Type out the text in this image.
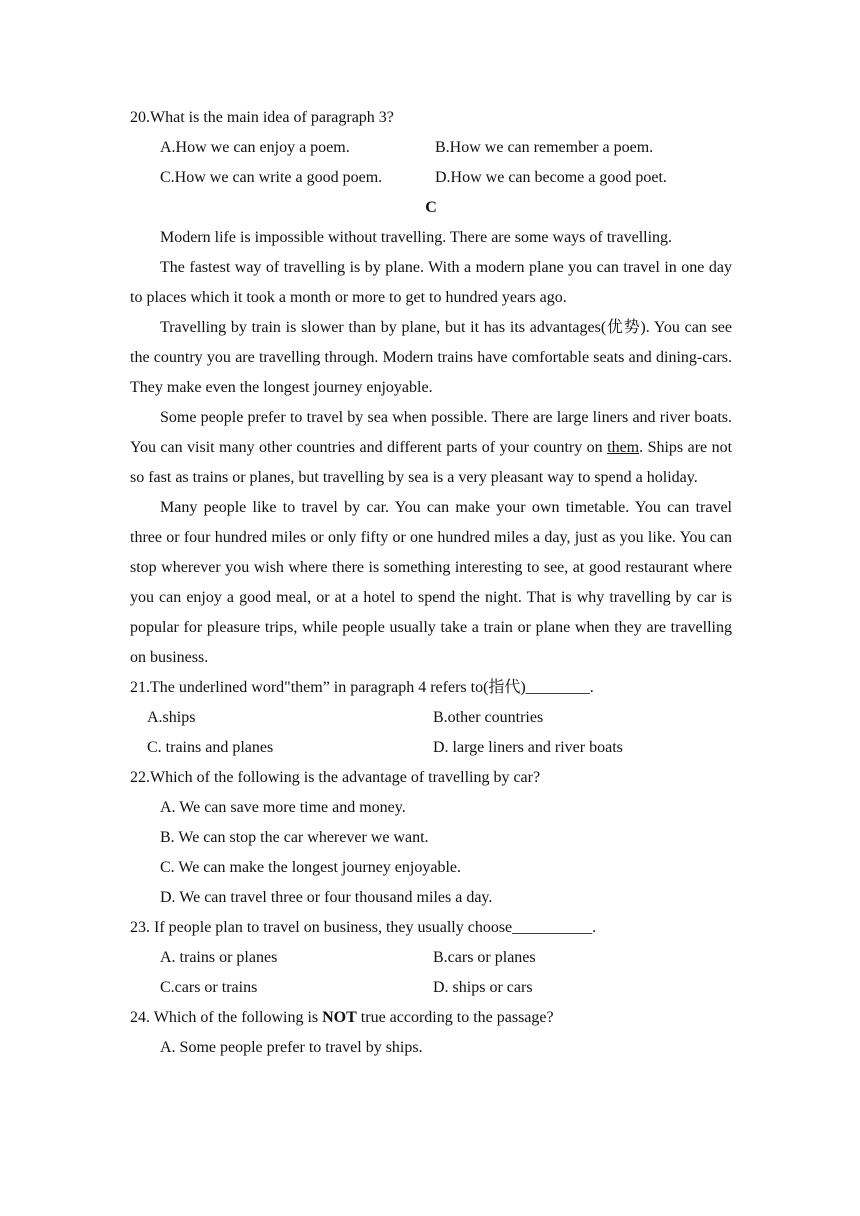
20.What is the main idea of paragraph 3?
A.How we can enjoy a poem.	B.How we can remember a poem.
C.How we can write a good poem.	D.How we can become a good poet.
C
Modern life is impossible without travelling. There are some ways of travelling.
The fastest way of travelling is by plane. With a modern plane you can travel in one day to places which it took a month or more to get to hundred years ago.
Travelling by train is slower than by plane, but it has its advantages(优势). You can see the country you are travelling through. Modern trains have comfortable seats and dining-cars. They make even the longest journey enjoyable.
Some people prefer to travel by sea when possible. There are large liners and river boats. You can visit many other countries and different parts of your country on them. Ships are not so fast as trains or planes, but travelling by sea is a very pleasant way to spend a holiday.
Many people like to travel by car. You can make your own timetable. You can travel three or four hundred miles or only fifty or one hundred miles a day, just as you like. You can stop wherever you wish where there is something interesting to see, at good restaurant where you can enjoy a good meal, or at a hotel to spend the night. That is why travelling by car is popular for pleasure trips, while people usually take a train or plane when they are travelling on business.
21.The underlined word"them” in paragraph 4 refers to(指代)________.
A.ships	B.other countries
C. trains and planes	D. large liners and river boats
22.Which of the following is the advantage of travelling by car?
A. We can save more time and money.
B. We can stop the car wherever we want.
C. We can make the longest journey enjoyable.
D. We can travel three or four thousand miles a day.
23. If people plan to travel on business, they usually choose__________.
A. trains or planes	B.cars or planes
C.cars or trains	D. ships or cars
24. Which of the following is NOT true according to the passage?
A. Some people prefer to travel by ships.
